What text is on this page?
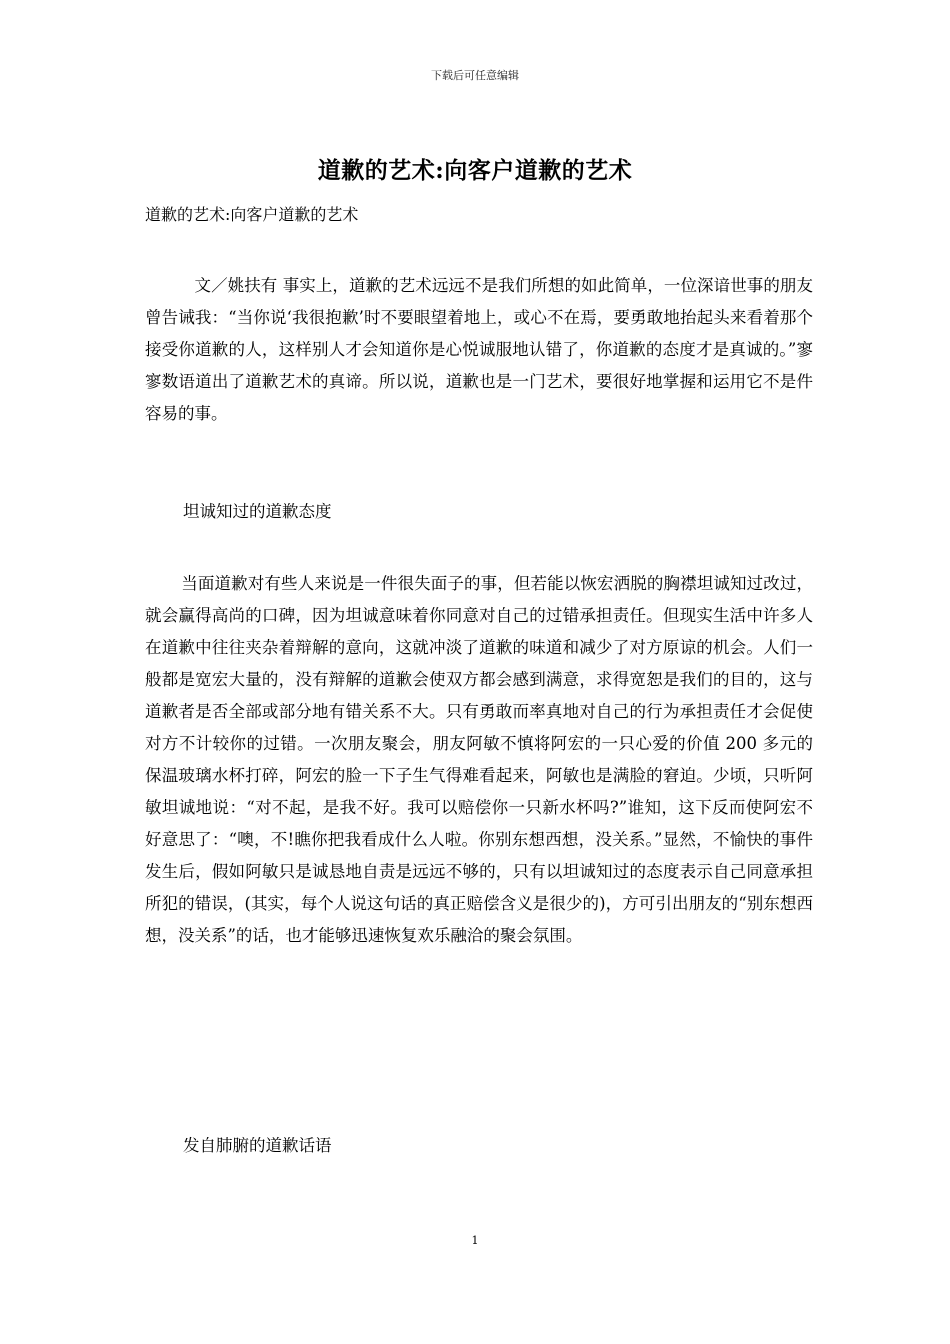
下载后可任意编辑
道歉的艺术:向客户道歉的艺术
道歉的艺术:向客户道歉的艺术

文／姚扶有 事实上，道歉的艺术远远不是我们所想的如此简单，一位深谙世事的朋友曾告诫我：“当你说‘我很抱歉’时不要眼望着地上，或心不在焉，要勇敢地抬起头来看着那个接受你道歉的人，这样别人才会知道你是心悦诚服地认错了，你道歉的态度才是真诚的。”寥寥数语道出了道歉艺术的真谛。所以说，道歉也是一门艺术，要很好地掌握和运用它不是件容易的事。

坦诚知过的道歉态度

当面道歉对有些人来说是一件很失面子的事，但若能以恢宏洒脱的胸襟坦诚知过改过，就会赢得高尚的口碑，因为坦诚意味着你同意对自己的过错承担责任。但现实生活中许多人在道歉中往往夹杂着辩解的意向，这就冲淡了道歉的味道和减少了对方原谅的机会。人们一般都是宽宏大量的，没有辩解的道歉会使双方都会感到满意，求得宽恕是我们的目的，这与道歉者是否全部或部分地有错关系不大。只有勇敢而率真地对自己的行为承担责任才会促使对方不计较你的过错。一次朋友聚会，朋友阿敏不慎将阿宏的一只心爱的价值 200 多元的保温玻璃水杯打碎，阿宏的脸一下子生气得难看起来，阿敏也是满脸的窘迫。少顷，只听阿敏坦诚地说：“对不起，是我不好。我可以赔偿你一只新水杯吗?”谁知，这下反而使阿宏不好意思了：“噢，不!瞧你把我看成什么人啦。你别东想西想，没关系。”显然，不愉快的事件发生后，假如阿敏只是诚恳地自责是远远不够的，只有以坦诚知过的态度表示自己同意承担所犯的错误，(其实，每个人说这句话的真正赔偿含义是很少的)，方可引出朋友的“别东想西想，没关系”的话，也才能够迅速恢复欢乐融洽的聚会氛围。

发自肺腑的道歉话语
1
